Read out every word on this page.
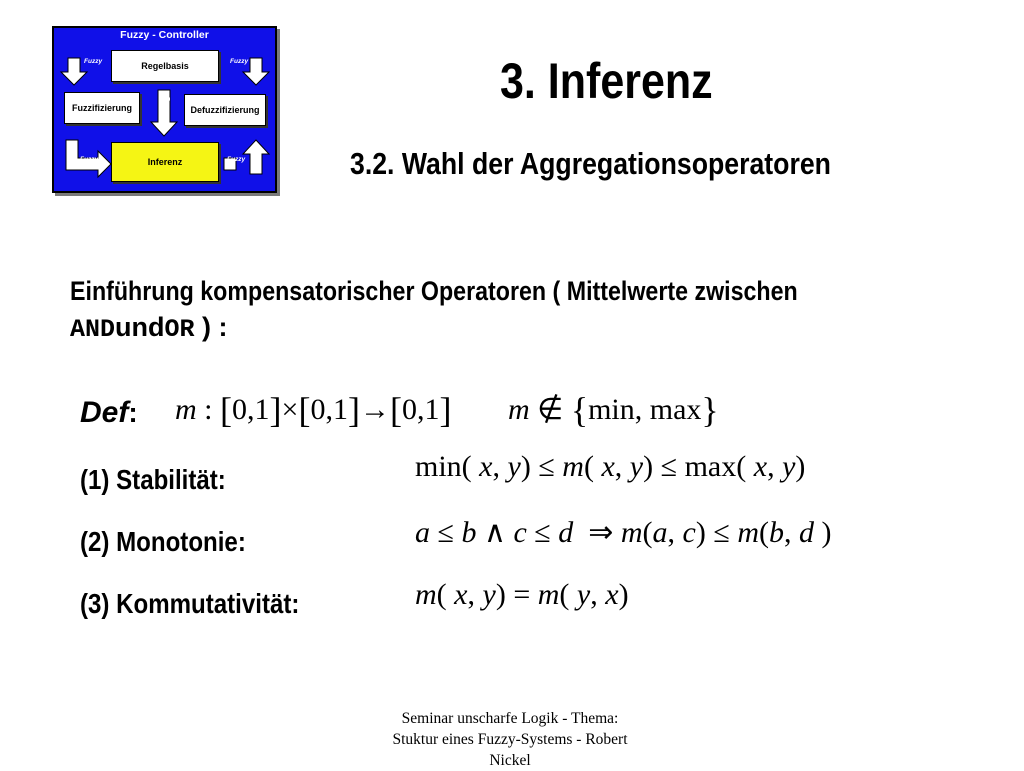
Fuzzy - Controller
Regelbasis
Fuzzifizierung	Defuzzifizierung
Inferenz
Fuzzy	Fuzzy
Fuzzy
Fuzzy	Fuzzy
3. Inferenz
3.2. Wahl der Aggregationsoperatoren
Einführung kompensatorischer Operatoren ( Mittelwerte zwischen
ANDundOR ) :
Def:
(1) Stabilität:
(2) Monotonie:
(3) Kommutativität:
m : [0,1]×[0,1]→[0,1] m ∉ {min, max}
min( x, y) ≤ m( x, y) ≤ max( x, y)
a ≤ b ∧ c ≤ d  ⇒ m(a, c) ≤ m(b, d )
m( x, y) = m( y, x)
Seminar unscharfe Logik - Thema:
Stuktur eines Fuzzy-Systems - Robert
Nickel
